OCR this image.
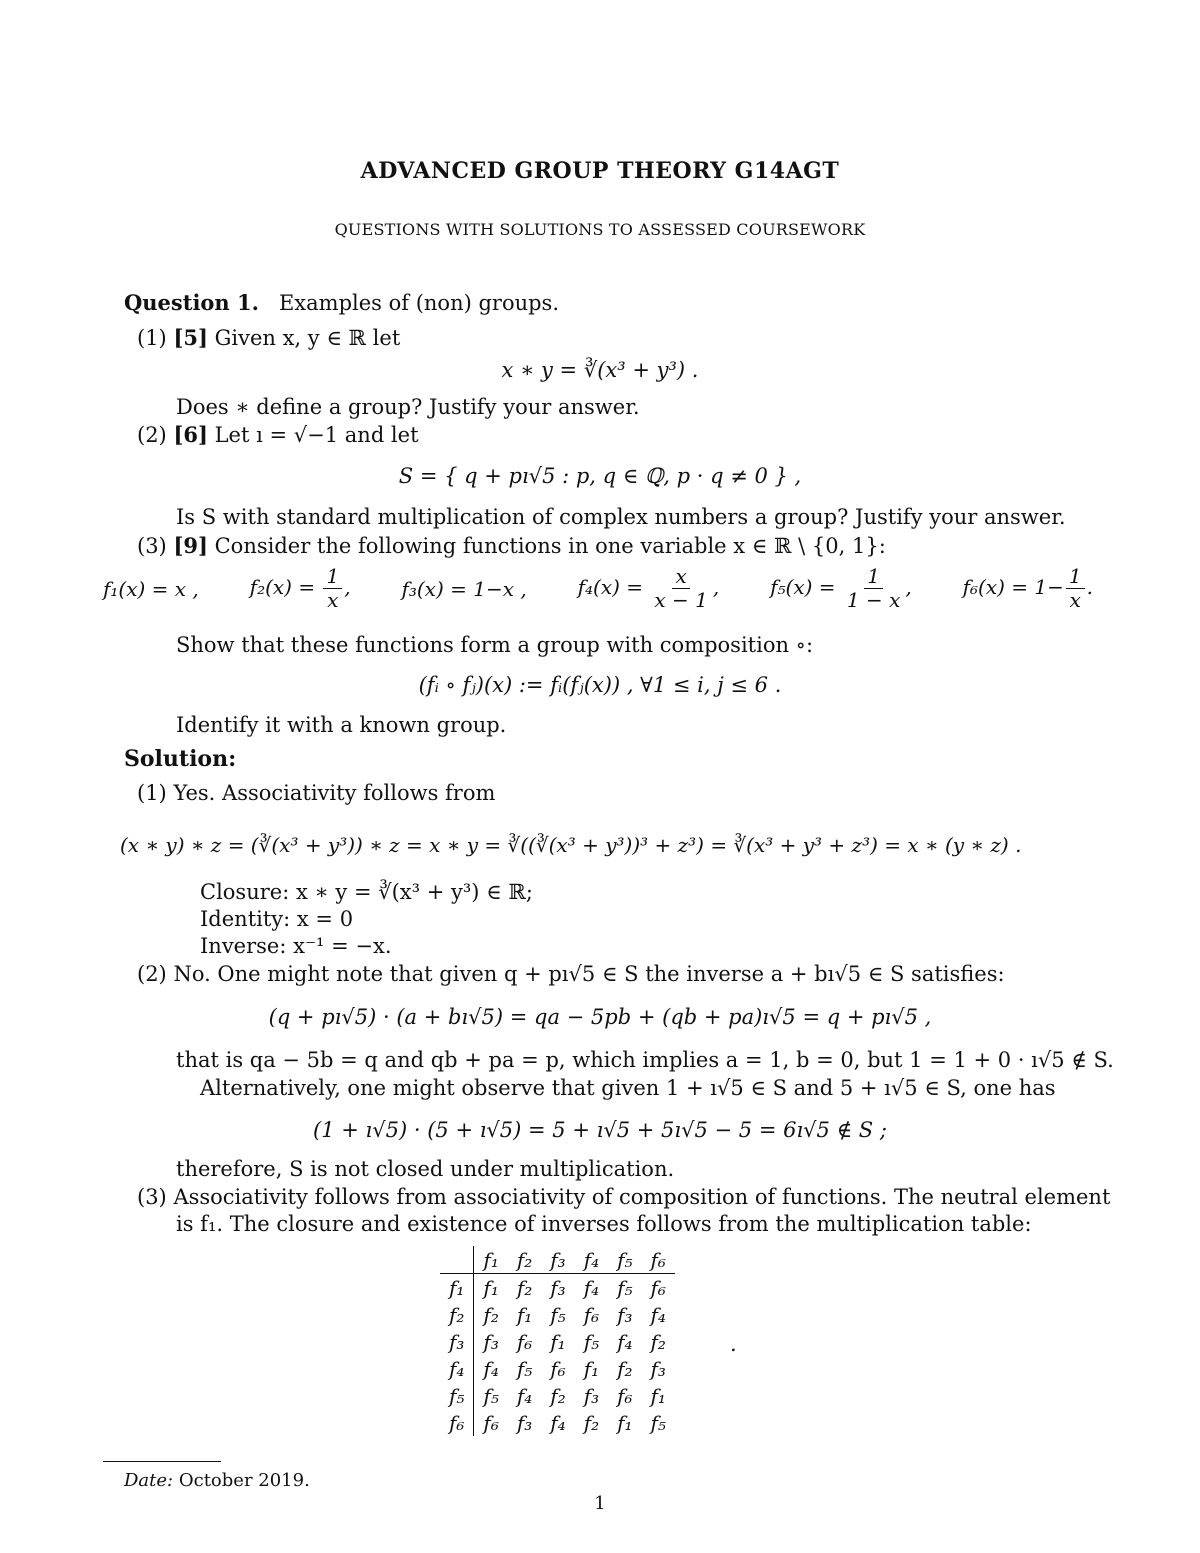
ADVANCED GROUP THEORY G14AGT
QUESTIONS WITH SOLUTIONS TO ASSESSED COURSEWORK
Question 1. Examples of (non) groups.
(1) [5] Given x, y ∈ ℝ let
x ∗ y = ∛(x³ + y³) .
Does ∗ define a group? Justify your answer.
(2) [6] Let ı = √−1 and let
S = { q + pı√5 : p, q ∈ ℚ, p · q ≠ 0 } ,
Is S with standard multiplication of complex numbers a group? Justify your answer.
(3) [9] Consider the following functions in one variable x ∈ ℝ \ {0, 1}:
f₁(x) = x ,	$f_2(x) = \frac{1}{x}$ ,	f₃(x) = 1−x ,	$f_4(x) = \frac{x}{x - 1}$ ,	$f_5(x) = \frac{1}{1 - x}$ ,	$f_6(x) = 1- \frac{1}{x}$ .
Show that these functions form a group with composition ∘:
(fᵢ ∘ fⱼ)(x) := fᵢ(fⱼ(x)) , ∀1 ≤ i, j ≤ 6 .
Identify it with a known group.
Solution:
(1) Yes. Associativity follows from
(x ∗ y) ∗ z = (∛(x³ + y³)) ∗ z = x ∗ y = ∛((∛(x³ + y³))³ + z³) = ∛(x³ + y³ + z³) = x ∗ (y ∗ z) .
Closure: x ∗ y = ∛(x³ + y³) ∈ ℝ;
Identity: x = 0
Inverse: x⁻¹ = −x.
(2) No. One might note that given q + pı√5 ∈ S the inverse a + bı√5 ∈ S satisfies:
(q + pı√5) · (a + bı√5) = qa − 5pb + (qb + pa)ı√5 = q + pı√5 ,
that is qa − 5b = q and qb + pa = p, which implies a = 1, b = 0, but 1 = 1 + 0 · ı√5 ∉ S.
Alternatively, one might observe that given 1 + ı√5 ∈ S and 5 + ı√5 ∈ S, one has
(1 + ı√5) · (5 + ı√5) = 5 + ı√5 + 5ı√5 − 5 = 6ı√5 ∉ S ;
therefore, S is not closed under multiplication.
(3) Associativity follows from associativity of composition of functions. The neutral element
is f₁. The closure and existence of inverses follows from the multiplication table:
	f₁	f₂	f₃	f₄	f₅	f₆
f₁	f₁	f₂	f₃	f₄	f₅	f₆
f₂	f₂	f₁	f₅	f₆	f₃	f₄
f₃	f₃	f₆	f₁	f₅	f₄	f₂
f₄	f₄	f₅	f₆	f₁	f₂	f₃
f₅	f₅	f₄	f₂	f₃	f₆	f₁
f₆	f₆	f₃	f₄	f₂	f₁	f₅
.
Date: October 2019.
1
